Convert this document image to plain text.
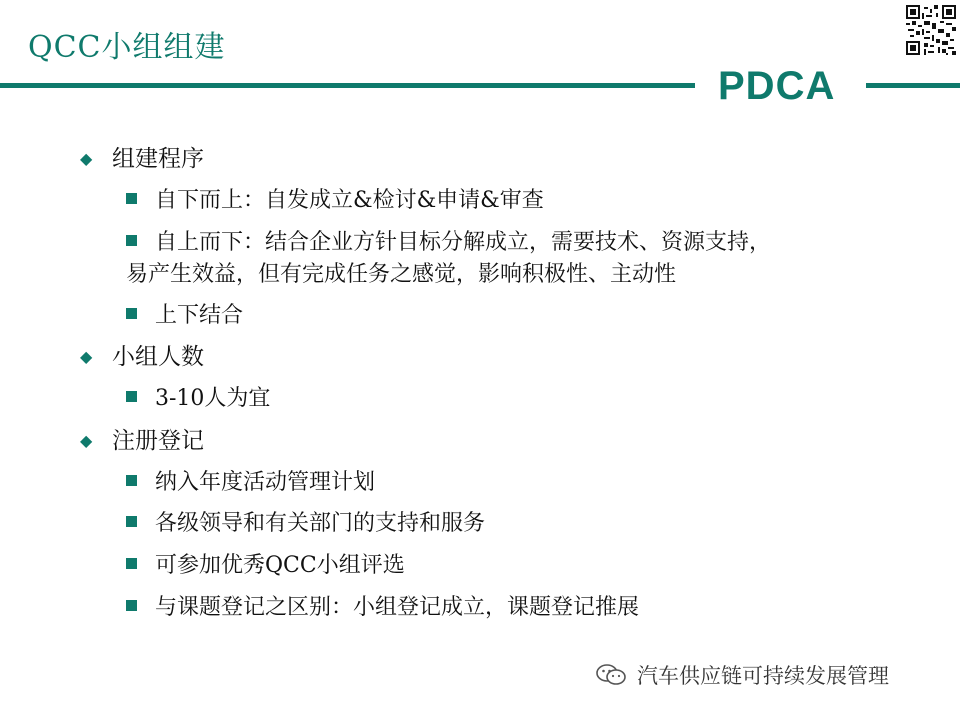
QCC小组组建
PDCA
◆ 组建程序
自下而上：自发成立&检讨&申请&审查
自上而下：结合企业方针目标分解成立，需要技术、资源支持，
易产生效益，但有完成任务之感觉，影响积极性、主动性
上下结合
◆ 小组人数
3-10人为宜
◆ 注册登记
纳入年度活动管理计划
各级领导和有关部门的支持和服务
可参加优秀QCC小组评选
与课题登记之区别：小组登记成立，课题登记推展
汽车供应链可持续发展管理
